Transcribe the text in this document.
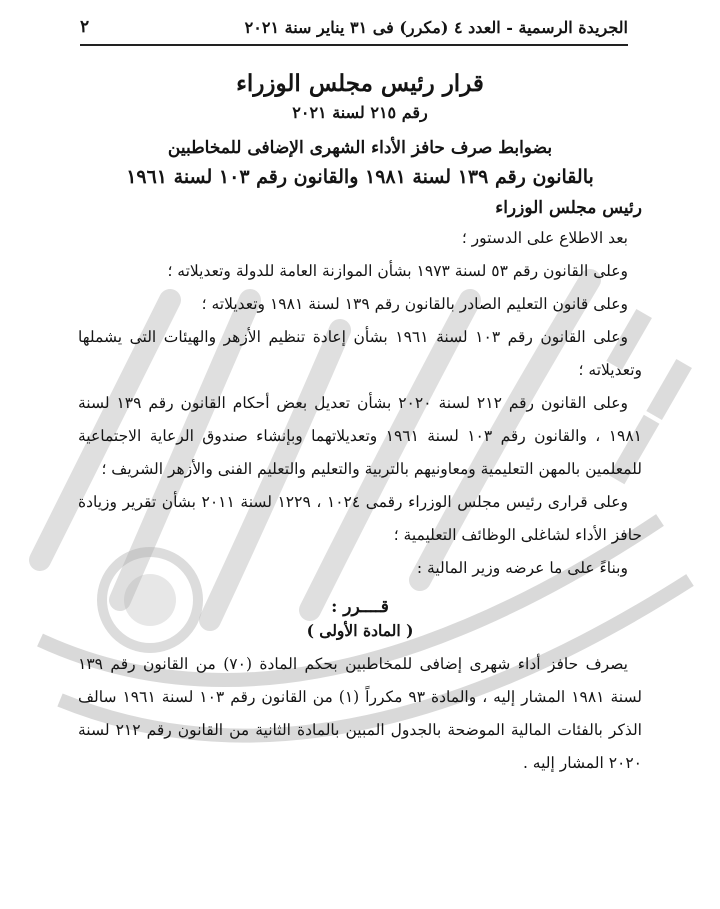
الجريدة الرسمية - العدد ٤ (مكرر) فى ٣١ يناير سنة ٢٠٢١
٢
قرار رئيس مجلس الوزراء
رقم ٢١٥ لسنة ٢٠٢١
بضوابط صرف حافز الأداء الشهرى الإضافى للمخاطبين
بالقانون رقم ١٣٩ لسنة ١٩٨١ والقانون رقم ١٠٣ لسنة ١٩٦١
رئيس مجلس الوزراء

بعد الاطلاع على الدستور ؛

وعلى القانون رقم ٥٣ لسنة ١٩٧٣ بشأن الموازنة العامة للدولة وتعديلاته ؛

وعلى قانون التعليم الصادر بالقانون رقم ١٣٩ لسنة ١٩٨١ وتعديلاته ؛

وعلى القانون رقم ١٠٣ لسنة ١٩٦١ بشأن إعادة تنظيم الأزهر والهيئات التى يشملها وتعديلاته ؛

وعلى القانون رقم ٢١٢ لسنة ٢٠٢٠ بشأن تعديل بعض أحكام القانون رقم ١٣٩ لسنة ١٩٨١ ، والقانون رقم ١٠٣ لسنة ١٩٦١ وتعديلاتهما وبإنشاء صندوق الرعاية الاجتماعية للمعلمين بالمهن التعليمية ومعاونيهم بالتربية والتعليم والتعليم الفنى والأزهر الشريف ؛

وعلى قرارى رئيس مجلس الوزراء رقمى ١٠٢٤ ، ١٢٢٩ لسنة ٢٠١١ بشأن تقرير وزيادة حافز الأداء لشاغلى الوظائف التعليمية ؛

وبناءً على ما عرضه وزير المالية :

قــــرر :
( المادة الأولى )

يصرف حافز أداء شهرى إضافى للمخاطبين بحكم المادة (٧٠) من القانون رقم ١٣٩ لسنة ١٩٨١ المشار إليه ، والمادة ٩٣ مكرراً (١) من القانون رقم ١٠٣ لسنة ١٩٦١ سالف الذكر بالفئات المالية الموضحة بالجدول المبين بالمادة الثانية من القانون رقم ٢١٢ لسنة ٢٠٢٠ المشار إليه .
